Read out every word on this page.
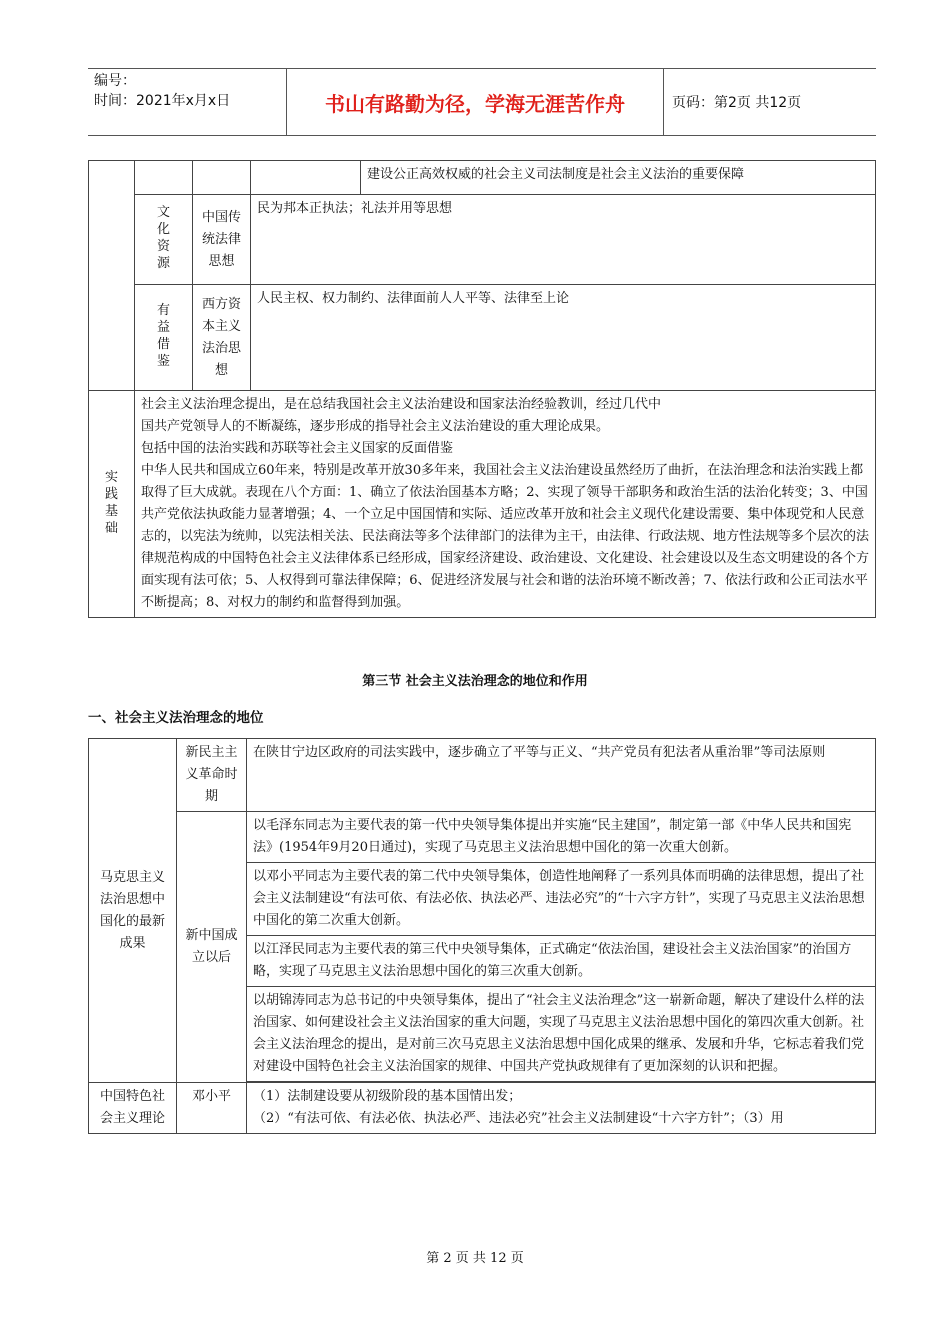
编号：
时间：2021年x月x日	书山有路勤为径，学海无涯苦作舟	页码：第2页 共12页
				建设公正高效权威的社会主义司法制度是社会主义法治的重要保障
	文化资源	中国传统法律思想	民为邦本正执法；礼法并用等思想	
	有益借鉴	西方资本主义法治思想	人民主权、权力制约、法律面前人人平等、法律至上论	
实践基础	社会主义法治理念提出，是在总结我国社会主义法治建设和国家法治经验教训，经过几代中
国共产党领导人的不断凝练，逐步形成的指导社会主义法治建设的重大理论成果。
包括中国的法治实践和苏联等社会主义国家的反面借鉴
中华人民共和国成立60年来，特别是改革开放30多年来，我国社会主义法治建设虽然经历了曲折，在法治理念和法治实践上都取得了巨大成就。表现在八个方面：1、确立了依法治国基本方略；2、实现了领导干部职务和政治生活的法治化转变；3、中国共产党依法执政能力显著增强；4、一个立足中国国情和实际、适应改革开放和社会主义现代化建设需要、集中体现党和人民意志的，以宪法为统帅，以宪法相关法、民法商法等多个法律部门的法律为主干，由法律、行政法规、地方性法规等多个层次的法律规范构成的中国特色社会主义法律体系已经形成，国家经济建设、政治建设、文化建设、社会建设以及生态文明建设的各个方面实现有法可依；5、人权得到可靠法律保障；6、促进经济发展与社会和谐的法治环境不断改善；7、依法行政和公正司法水平不断提高；8、对权力的制约和监督得到加强。			
第三节 社会主义法治理念的地位和作用
一、社会主义法治理念的地位
马克思主义法治思想中国化的最新成果	新民主主义革命时期	在陕甘宁边区政府的司法实践中，逐步确立了平等与正义、“共产党员有犯法者从重治罪”等司法原则
	新中国成立以后	以毛泽东同志为主要代表的第一代中央领导集体提出并实施“民主建国”，制定第一部《中华人民共和国宪法》(1954年9月20日通过)，实现了马克思主义法治思想中国化的第一次重大创新。
		以邓小平同志为主要代表的第二代中央领导集体，创造性地阐释了一系列具体而明确的法律思想，提出了社会主义法制建设“有法可依、有法必依、执法必严、违法必究”的“十六字方针”，实现了马克思主义法治思想中国化的第二次重大创新。
		以江泽民同志为主要代表的第三代中央领导集体，正式确定“依法治国，建设社会主义法治国家”的治国方略，实现了马克思主义法治思想中国化的第三次重大创新。
		以胡锦涛同志为总书记的中央领导集体，提出了“社会主义法治理念”这一崭新命题，解决了建设什么样的法治国家、如何建设社会主义法治国家的重大问题，实现了马克思主义法治思想中国化的第四次重大创新。社会主义法治理念的提出，是对前三次马克思主义法治思想中国化成果的继承、发展和升华，它标志着我们党对建设中国特色社会主义法治国家的规律、中国共产党执政规律有了更加深刻的认识和把握。

中国特色社会主义理论	邓小平	（1）法制建设要从初级阶段的基本国情出发；
（2）“有法可依、有法必依、执法必严、违法必究”社会主义法制建设“十六字方针”；（3）用
第 2 页 共 12 页
